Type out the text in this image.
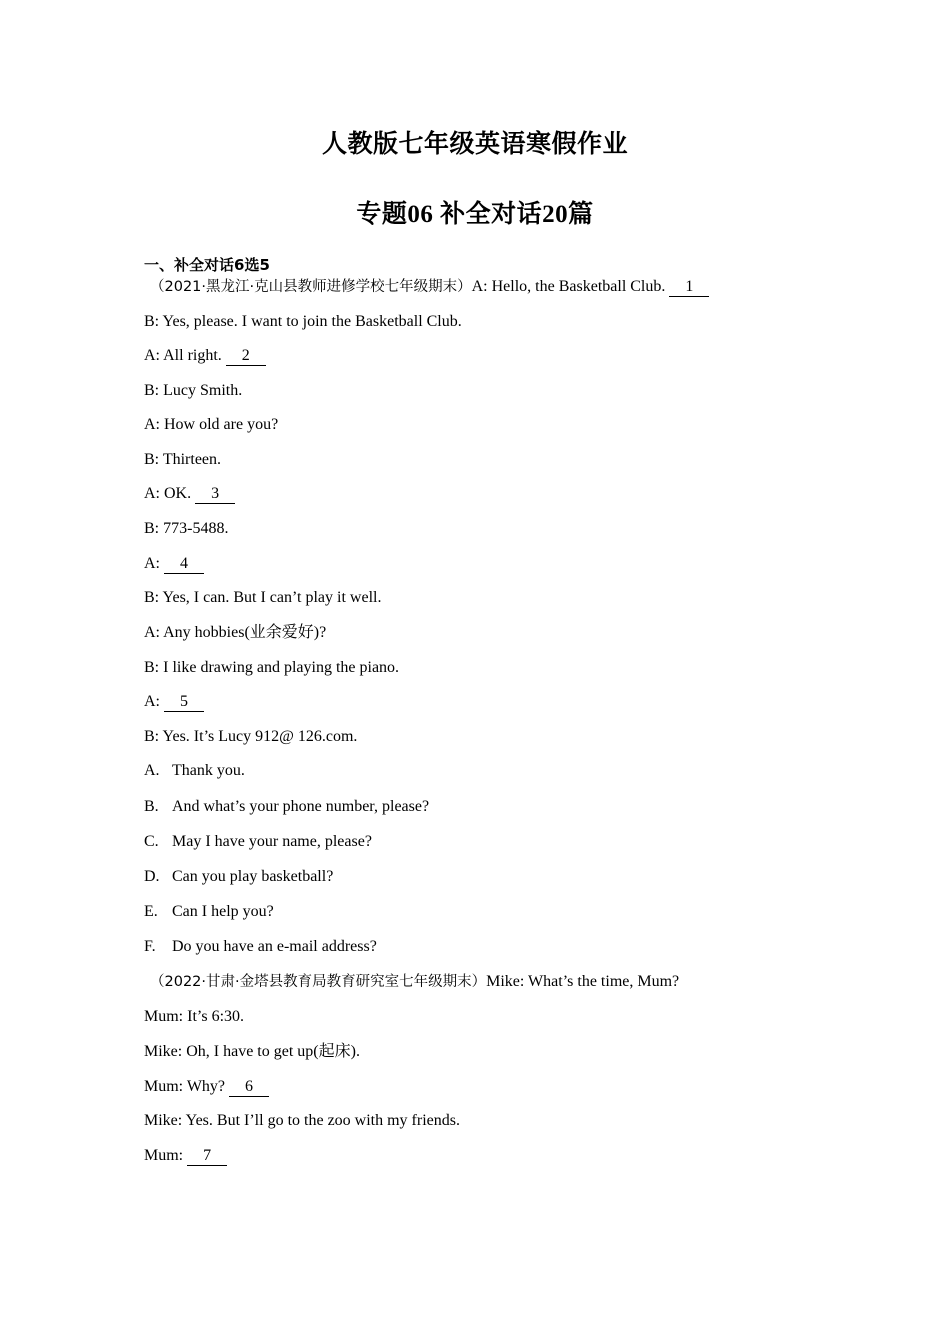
人教版七年级英语寒假作业
专题06 补全对话20篇
一、补全对话6选5
（2021·黑龙江·克山县教师进修学校七年级期末）A: Hello, the Basketball Club. 1
B: Yes, please. I want to join the Basketball Club.
A: All right. 2
B: Lucy Smith.
A: How old are you?
B: Thirteen.
A: OK. 3
B: 773-5488.
A: 4
B: Yes, I can. But I can’t play it well.
A: Any hobbies(业余爱好)?
B: I like drawing and playing the piano.
A: 5
B: Yes. It’s Lucy 912@ 126.com.
A. Thank you.
B. And what’s your phone number, please?
C. May I have your name, please?
D. Can you play basketball?
E. Can I help you?
F. Do you have an e-mail address?
（2022·甘肃·金塔县教育局教育研究室七年级期末）Mike: What’s the time, Mum?
Mum: It’s 6:30.
Mike: Oh, I have to get up(起床).
Mum: Why? 6
Mike: Yes. But I’ll go to the zoo with my friends.
Mum: 7
